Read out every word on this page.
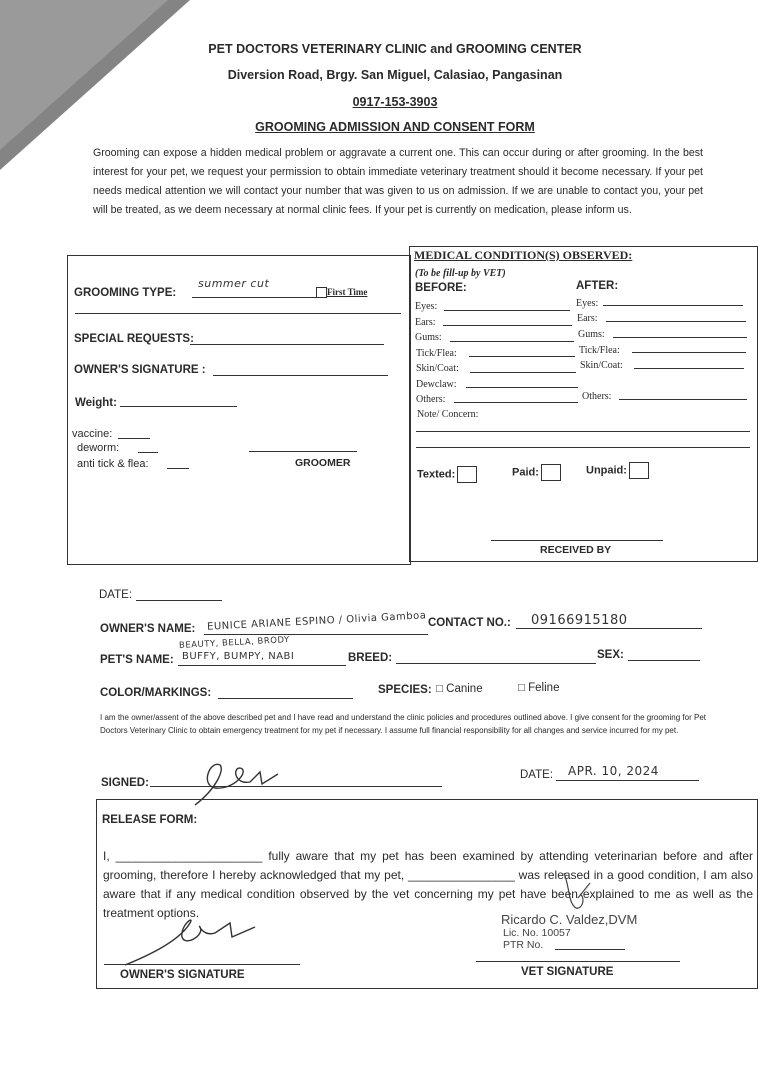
PET DOCTORS VETERINARY CLINIC and GROOMING CENTER
Diversion Road, Brgy. San Miguel, Calasiao, Pangasinan
0917-153-3903
GROOMING ADMISSION AND CONSENT FORM
Grooming can expose a hidden medical problem or aggravate a current one. This can occur during or after grooming. In the best interest for your pet, we request your permission to obtain immediate veterinary treatment should it become necessary. If your pet needs medical attention we will contact your number that was given to us on admission. If we are unable to contact you, your pet will be treated, as we deem necessary at normal clinic fees. If your pet is currently on medication, please inform us.
GROOMING TYPE:
summer cut
First Time
SPECIAL REQUESTS:
OWNER'S SIGNATURE :
Weight:
vaccine:
deworm:
anti tick & flea:	GROOMER
MEDICAL CONDITION(S) OBSERVED:
(To be fill-up by VET)
BEFORE:	AFTER:
Eyes:	Eyes:
Ears:	Ears:
Gums:	Gums:
Tick/Flea:	Tick/Flea:
Skin/Coat:	Skin/Coat:
Dewclaw:
Others:	Others:
Note/ Concern:
Texted:	Paid:	Unpaid:
RECEIVED BY
DATE:
OWNER'S NAME: EUNICE ARIANE ESPINO / Olivia Gamboa CONTACT NO.: 09166915180
BEAUTY, BELLA, BRODY
PET'S NAME: BUFFY, BUMPY, NABI	BREED:	SEX:
COLOR/MARKINGS:	SPECIES: □ Canine	□ Feline
I am the owner/assent of the above described pet and I have read and understand the clinic policies and procedures outlined above. I give consent for the grooming for Pet Doctors Veterinary Clinic to obtain emergency treatment for my pet if necessary. I assume full financial responsibility for all changes and service incurred for my pet.
SIGNED:
DATE: APR. 10, 2024
RELEASE FORM:
I, ______________________ fully aware that my pet has been examined by attending veterinarian before and after grooming, therefore I hereby acknowledged that my pet, ________________ was released in a good condition, I am also aware that if any medical condition observed by the vet concerning my pet have been explained to me as well as the treatment options.
OWNER'S SIGNATURE
Ricardo C. Valdez,DVM
Lic. No. 10057
PTR No.
VET SIGNATURE
